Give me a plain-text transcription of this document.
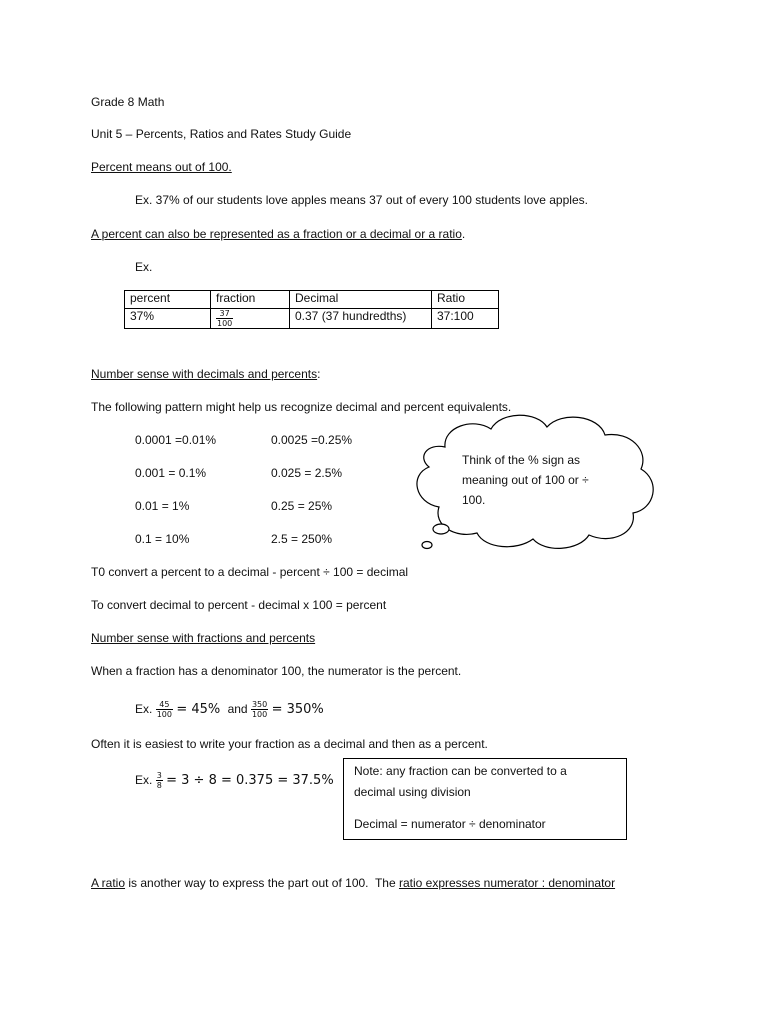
Grade 8 Math
Unit 5 – Percents, Ratios and Rates Study Guide
Percent means out of 100.
Ex. 37% of our students love apples means 37 out of every 100 students love apples.
A percent can also be represented as a fraction or a decimal or a ratio.
Ex.
percent	fraction	Decimal	Ratio
37%	$\frac{37}{100}$	0.37 (37 hundredths)	37:100
Number sense with decimals and percents:
The following pattern might help us recognize decimal and percent equivalents.
0.0001 =0.01%
0.001 = 0.1%
0.01 = 1%
0.1 = 10%
0.0025 =0.25%
0.025 = 2.5%
0.25 = 25%
2.5 = 250%
Think of the % sign as meaning out of 100 or ÷ 100.
T0 convert a percent to a decimal - percent ÷ 100 = decimal
To convert decimal to percent - decimal x 100 = percent
Number sense with fractions and percents
When a fraction has a denominator 100, the numerator is the percent.
Ex. $\frac{45}{100} = 45\%$ and $\frac{350}{100} = 350\%$
Often it is easiest to write your fraction as a decimal and then as a percent.
Ex. $\frac{3}{8} = 3 \div 8 = 0.375 = 37.5\%$
Note: any fraction can be converted to a
decimal using division
Decimal = numerator ÷ denominator
A ratio is another way to express the part out of 100.  The ratio expresses numerator : denominator
